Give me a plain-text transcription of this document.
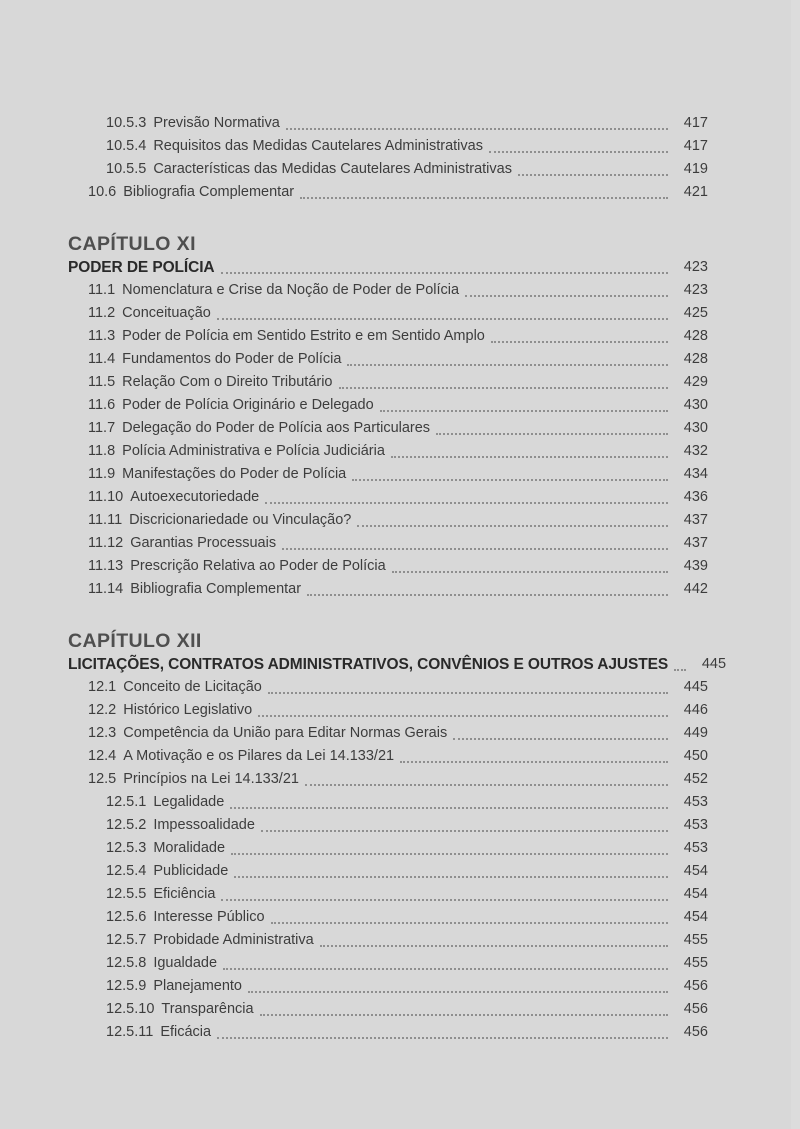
10.5.3 Previsão Normativa	417
10.5.4 Requisitos das Medidas Cautelares Administrativas	417
10.5.5 Características das Medidas Cautelares Administrativas	419
10.6 Bibliografia Complementar	421
CAPÍTULO XI
PODER DE POLÍCIA	423
11.1 Nomenclatura e Crise da Noção de Poder de Polícia	423
11.2 Conceituação	425
11.3 Poder de Polícia em Sentido Estrito e em Sentido Amplo	428
11.4 Fundamentos do Poder de Polícia	428
11.5 Relação Com o Direito Tributário	429
11.6 Poder de Polícia Originário e Delegado	430
11.7 Delegação do Poder de Polícia aos Particulares	430
11.8 Polícia Administrativa e Polícia Judiciária	432
11.9 Manifestações do Poder de Polícia	434
11.10 Autoexecutoriedade	436
11.11 Discricionariedade ou Vinculação?	437
11.12 Garantias Processuais	437
11.13 Prescrição Relativa ao Poder de Polícia	439
11.14 Bibliografia Complementar	442
CAPÍTULO XII
LICITAÇÕES, CONTRATOS ADMINISTRATIVOS, CONVÊNIOS E OUTROS AJUSTES	445
12.1 Conceito de Licitação	445
12.2 Histórico Legislativo	446
12.3 Competência da União para Editar Normas Gerais	449
12.4 A Motivação e os Pilares da Lei 14.133/21	450
12.5 Princípios na Lei 14.133/21	452
12.5.1 Legalidade	453
12.5.2 Impessoalidade	453
12.5.3 Moralidade	453
12.5.4 Publicidade	454
12.5.5 Eficiência	454
12.5.6 Interesse Público	454
12.5.7 Probidade Administrativa	455
12.5.8 Igualdade	455
12.5.9 Planejamento	456
12.5.10 Transparência	456
12.5.11 Eficácia	456
